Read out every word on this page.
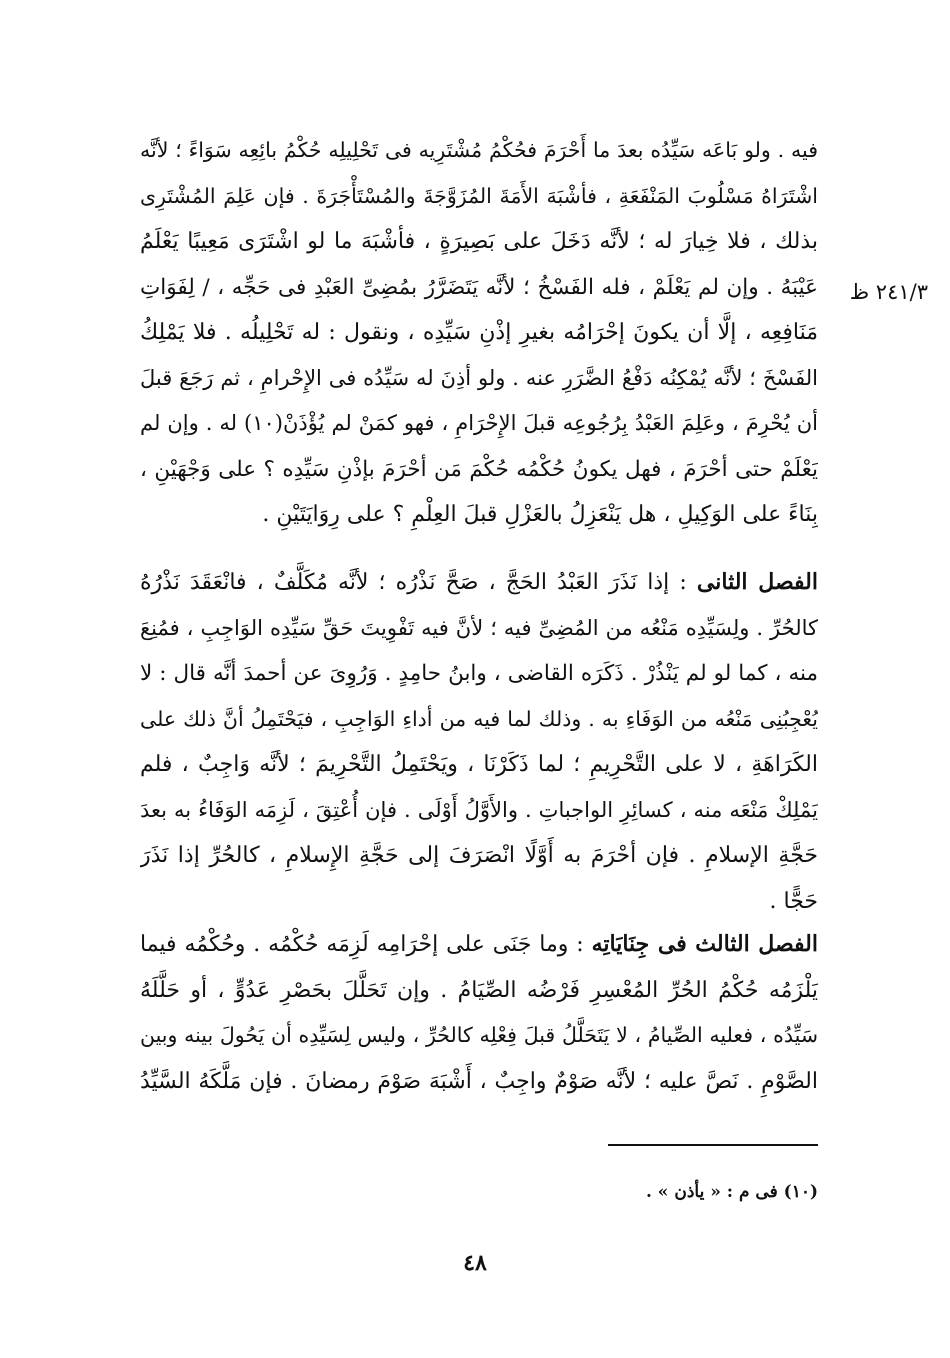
٢٤١/٣ ظ
فيه . ولو بَاعَه سَيِّدُه بعدَ ما أَحْرَمَ فحُكْمُ مُشْتَرِيه فى تَحْلِيلِه حُكْمُ بائِعِه سَوَاءً ؛ لأنَّه
اشْتَرَاهُ مَسْلُوبَ المَنْفَعَةِ ، فأشْبَهَ الأَمَةَ المُزَوَّجَةَ والمُسْتَأْجَرَةَ . فإن عَلِمَ المُشْتَرِى
بذلك ، فلا خِيارَ له ؛ لأنَّه دَخَلَ على بَصِيرَةٍ ، فأشْبَهَ ما لو اشْتَرَى مَعِيبًا يَعْلَمُ
عَيْبَهُ . وإن لم يَعْلَمْ ، فله الفَسْخُ ؛ لأنَّه يَتَضَرَّرُ بمُضِىِّ العَبْدِ فى حَجِّه ، / لِفَوَاتِ
مَنَافِعِه ، إلَّا أن يكونَ إحْرَامُه بغيرِ إذْنِ سَيِّدِه ، ونقول : له تَحْلِيلُه . فلا يَمْلِكُ
الفَسْخَ ؛ لأنَّه يُمْكِنُه دَفْعُ الضَّرَرِ عنه . ولو أذِنَ له سَيِّدُه فى الإِحْرامِ ، ثم رَجَعَ قبلَ
أن يُحْرِمَ ، وعَلِمَ العَبْدُ بِرُجُوعِه قبلَ الإِحْرَامِ ، فهو كمَنْ لم يُؤْذَنْ(١٠) له . وإن لم
يَعْلَمْ حتى أحْرَمَ ، فهل يكونُ حُكْمُه حُكْمَ مَن أحْرَمَ بإذْنِ سَيِّدِه ؟ على وَجْهَيْنِ ،
بِنَاءً على الوَكِيلِ ، هل يَنْعَزِلُ بالعَزْلِ قبلَ العِلْمِ ؟ على رِوَايَتَيْنِ .
الفصل الثانى : إذا نَذَرَ العَبْدُ الحَجَّ ، صَحَّ نَذْرُه ؛ لأنَّه مُكَلَّفٌ ، فانْعَقَدَ نَذْرُهُ
كالحُرِّ . ولِسَيِّدِه مَنْعُه من المُضِىِّ فيه ؛ لأنَّ فيه تَفْوِيتَ حَقِّ سَيِّدِه الوَاجِبِ ، فمُنِعَ
منه ، كما لو لم يَنْذُرْ . ذَكَرَه القاضى ، وابنُ حامِدٍ . وَرُوِىَ عن أحمدَ أنَّه قال : لا
يُعْجِبُنِى مَنْعُه من الوَفَاءِ به . وذلك لما فيه من أداءِ الوَاجِبِ ، فيَحْتَمِلُ أنَّ ذلك على
الكَرَاهَةِ ، لا على التَّحْرِيمِ ؛ لما ذَكَرْنَا ، ويَحْتَمِلُ التَّحْرِيمَ ؛ لأنَّه وَاجِبٌ ، فلم
يَمْلِكْ مَنْعَه منه ، كسائِرِ الواجباتِ . والأَوَّلُ أَوْلَى . فإن أُعْتِقَ ، لَزِمَه الوَفَاءُ به بعدَ
حَجَّةِ الإسلامِ . فإن أحْرَمَ به أَوَّلًا انْصَرَفَ إلى حَجَّةِ الإِسلامِ ، كالحُرِّ إذا نَذَرَ
حَجًّا .
الفصل الثالث فى جِنَايَاتِه : وما جَنَى على إحْرَامِه لَزِمَه حُكْمُه . وحُكْمُه فيما
يَلْزَمُه حُكْمُ الحُرِّ المُعْسِرِ فَرْضُه الصِّيَامُ . وإن تَحَلَّلَ بحَصْرِ عَدُوٍّ ، أو حَلَّلَهُ
سَيِّدُه ، فعليه الصِّيامُ ، لا يَتَحَلَّلُ قبلَ فِعْلِه كالحُرِّ ، وليس لِسَيِّدِه أن يَحُولَ بينه وبين
الصَّوْمِ . نَصَّ عليه ؛ لأنَّه صَوْمٌ واجِبٌ ، أَشْبَهَ صَوْمَ رمضانَ . فإن مَلَّكَهُ السَّيِّدُ
(١٠) فى م : « يأذن » .
٤٨
